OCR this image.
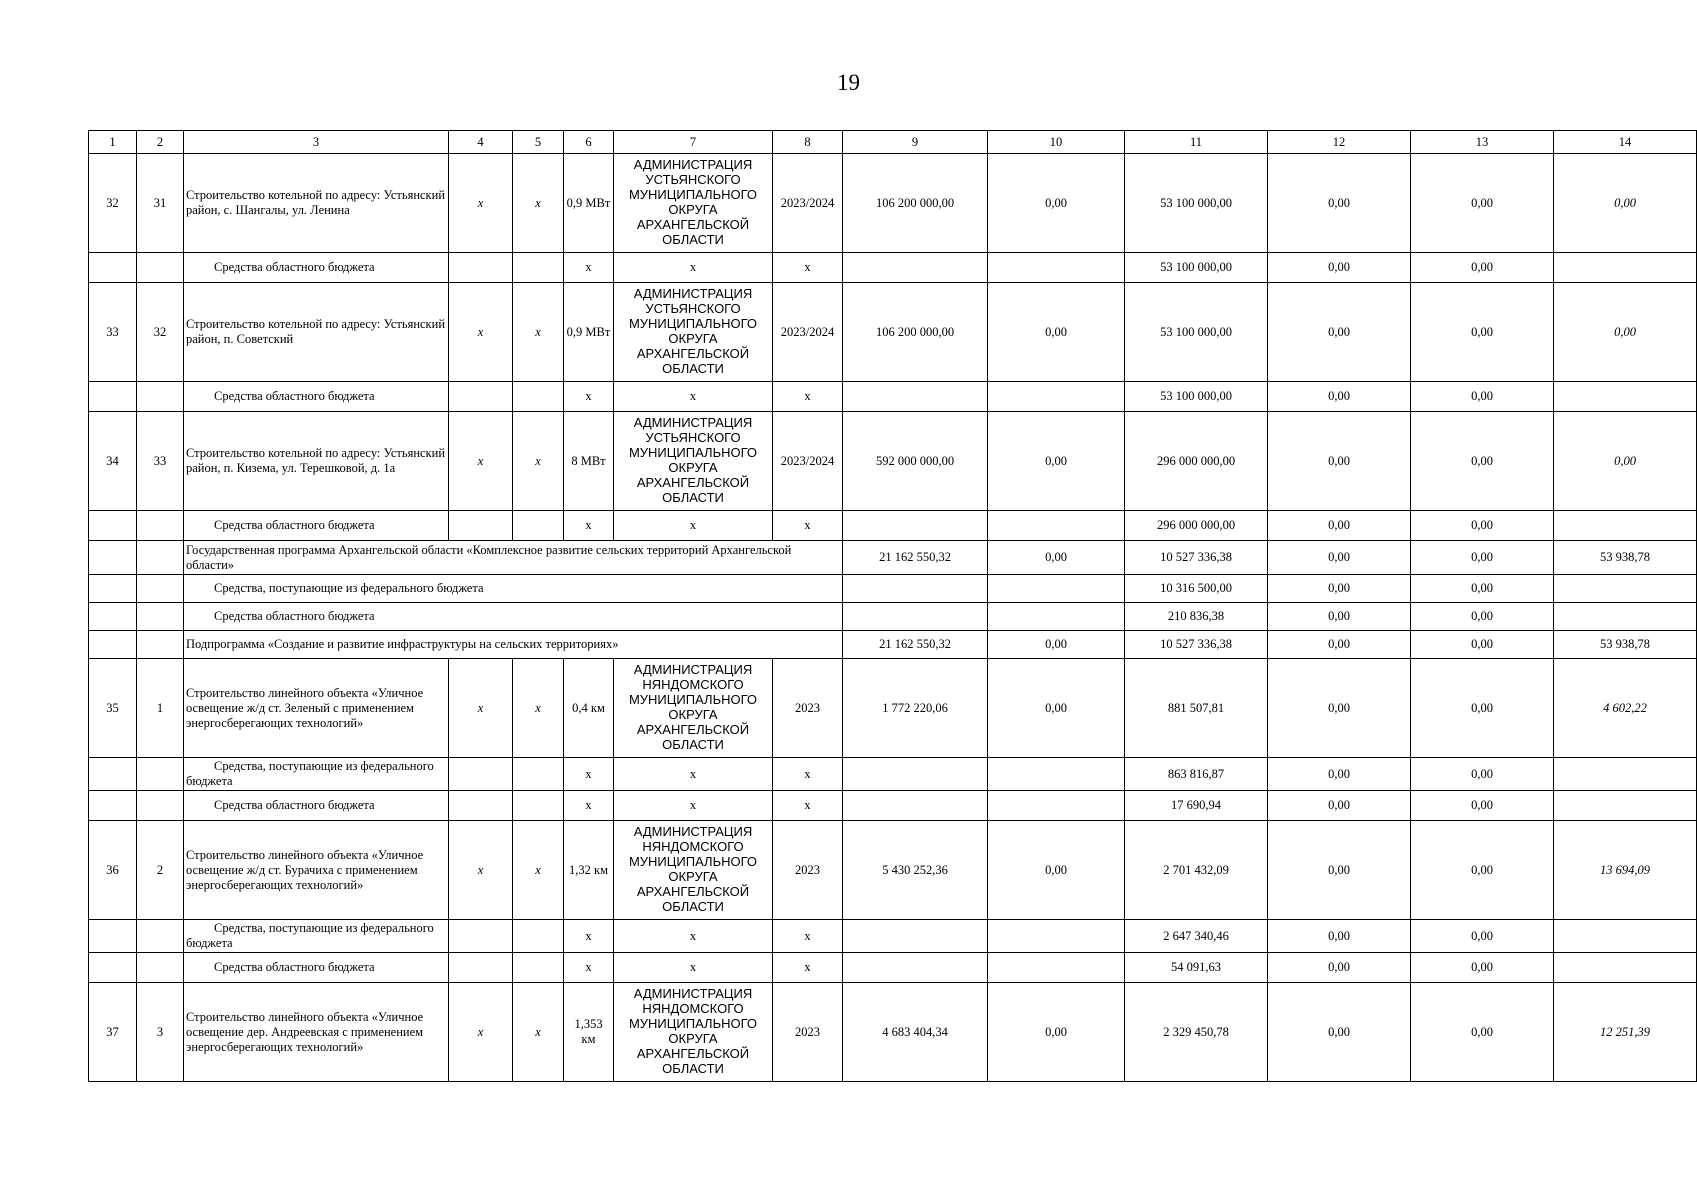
19
1	2	3	4	5	6	7	8	9	10	11	12	13	14
32	31	Строительство котельной по адресу: Устьянский район, с. Шангалы, ул. Ленина	x	x	0,9 МВт	АДМИНИСТРАЦИЯ УСТЬЯНСКОГО МУНИЦИПАЛЬНОГО ОКРУГА АРХАНГЕЛЬСКОЙ ОБЛАСТИ	2023/2024	106 200 000,00	0,00	53 100 000,00	0,00	0,00	0,00
		Средства областного бюджета			х	х	х			53 100 000,00	0,00	0,00	
33	32	Строительство котельной по адресу: Устьянский район, п. Советский	x	x	0,9 МВт	АДМИНИСТРАЦИЯ УСТЬЯНСКОГО МУНИЦИПАЛЬНОГО ОКРУГА АРХАНГЕЛЬСКОЙ ОБЛАСТИ	2023/2024	106 200 000,00	0,00	53 100 000,00	0,00	0,00	0,00
		Средства областного бюджета			х	х	х			53 100 000,00	0,00	0,00	
34	33	Строительство котельной по адресу: Устьянский район, п. Кизема, ул. Терешковой, д. 1а	x	x	8 МВт	АДМИНИСТРАЦИЯ УСТЬЯНСКОГО МУНИЦИПАЛЬНОГО ОКРУГА АРХАНГЕЛЬСКОЙ ОБЛАСТИ	2023/2024	592 000 000,00	0,00	296 000 000,00	0,00	0,00	0,00
		Средства областного бюджета			х	х	х			296 000 000,00	0,00	0,00	
		Государственная программа Архангельской области «Комплексное развитие сельских территорий Архангельской области»						21 162 550,32	0,00	10 527 336,38	0,00	0,00	53 938,78
		Средства, поступающие из федерального бюджета								10 316 500,00	0,00	0,00	
		Средства областного бюджета								210 836,38	0,00	0,00	
		Подпрограмма «Создание и развитие инфраструктуры на сельских территориях»						21 162 550,32	0,00	10 527 336,38	0,00	0,00	53 938,78
35	1	Строительство линейного объекта «Уличное освещение ж/д ст. Зеленый с применением энергосберегающих технологий»	x	x	0,4 км	АДМИНИСТРАЦИЯ НЯНДОМСКОГО МУНИЦИПАЛЬНОГО ОКРУГА АРХАНГЕЛЬСКОЙ ОБЛАСТИ	2023	1 772 220,06	0,00	881 507,81	0,00	0,00	4 602,22
		Средства, поступающие из федерального бюджета			х	х	х			863 816,87	0,00	0,00	
		Средства областного бюджета			х	х	х			17 690,94	0,00	0,00	
36	2	Строительство линейного объекта «Уличное освещение ж/д ст. Бурачиха с применением энергосберегающих технологий»	x	x	1,32 км	АДМИНИСТРАЦИЯ НЯНДОМСКОГО МУНИЦИПАЛЬНОГО ОКРУГА АРХАНГЕЛЬСКОЙ ОБЛАСТИ	2023	5 430 252,36	0,00	2 701 432,09	0,00	0,00	13 694,09
		Средства, поступающие из федерального бюджета			х	х	х			2 647 340,46	0,00	0,00	
		Средства областного бюджета			х	х	х			54 091,63	0,00	0,00	
37	3	Строительство линейного объекта «Уличное освещение дер. Андреевская с применением энергосберегающих технологий»	x	x	1,353 км	АДМИНИСТРАЦИЯ НЯНДОМСКОГО МУНИЦИПАЛЬНОГО ОКРУГА АРХАНГЕЛЬСКОЙ ОБЛАСТИ	2023	4 683 404,34	0,00	2 329 450,78	0,00	0,00	12 251,39
